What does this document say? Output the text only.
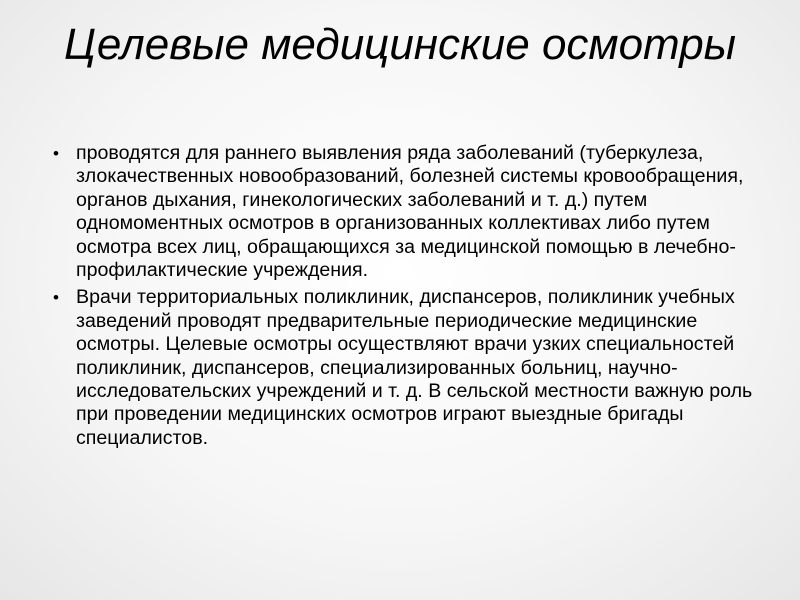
Целевые медицинские осмотры
• проводятся для раннего выявления ряда заболеваний (туберкулеза, злокачественных новообразований, болезней системы кровообращения, органов дыхания, гинекологических заболеваний и т. д.) путем одномоментных осмотров в организованных коллективах либо путем осмотра всех лиц, обращающихся за медицинской помощью в лечебно-профилактические учреждения.
• Врачи территориальных поликлиник, диспансеров, поликлиник учебных заведений проводят предварительные периодические медицинские осмотры. Целевые осмотры осуществляют врачи узких специальностей поликлиник, диспансеров, специализированных больниц, научно-исследовательских учреждений и т. д. В сельской местности важную роль при проведении медицинских осмотров играют выездные бригады специалистов.
